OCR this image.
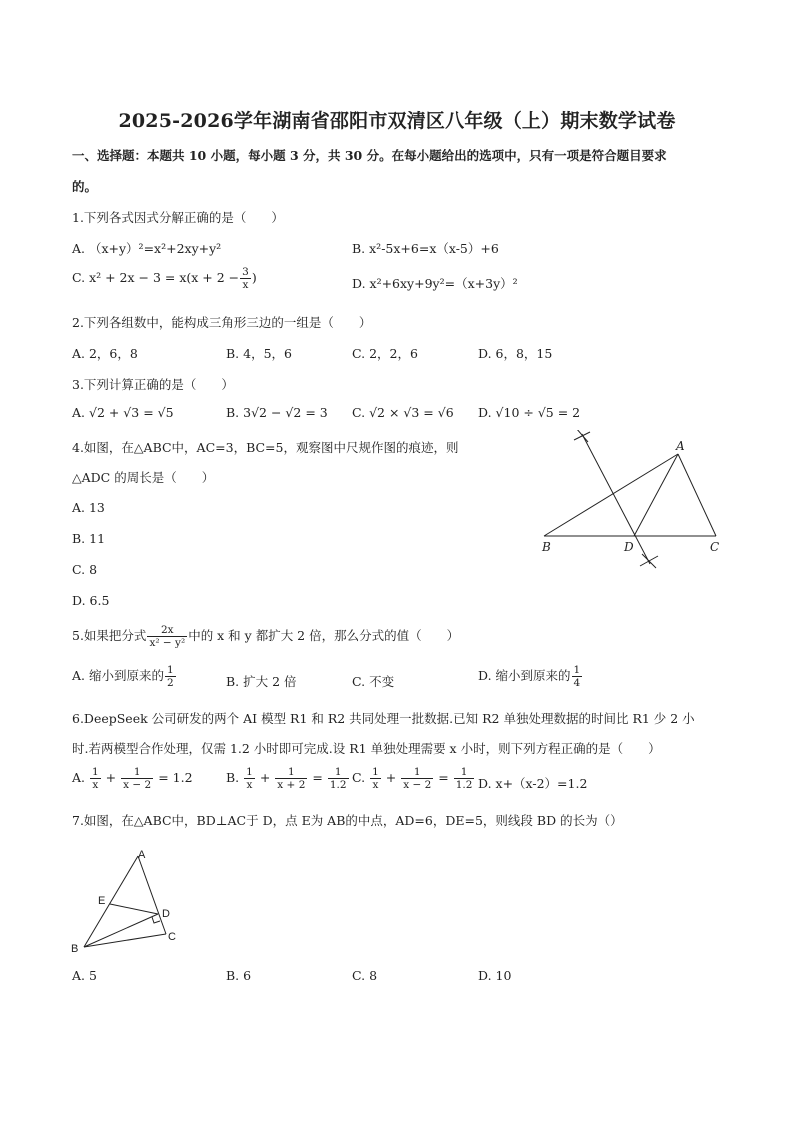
2025-2026学年湖南省邵阳市双清区八年级（上）期末数学试卷
一、选择题：本题共 10 小题，每小题 3 分，共 30 分。在每小题给出的选项中，只有一项是符合题目要求
的。
1.下列各式因式分解正确的是（　　）
A. （x+y）²=x²+2xy+y²	B. x²-5x+6=x（x-5）+6
C. $x^2 + 2x - 3 = x(x + 2 - \frac{3}{x}$ )	D. x²+6xy+9y²=（x+3y）²
2.下列各组数中，能构成三角形三边的一组是（　　）
A. 2，6，8	B. 4，5，6	C. 2，2，6	D. 6，8，15
3.下列计算正确的是（　　）
A. √2 + √3 = √5	B. 3√2 − √2 = 3 C. √2 × √3 = √6 D. √10 ÷ √5 = 2
4.如图，在△ABC中，AC=3，BC=5，观察图中尺规作图的痕迹，则
△ADC 的周长是（　　）
A. 13
B. 11
C. 8
D. 6.5
A
B	D	C
5.如果把分式 $\frac{2x}{\text{x² − y²}}$ 中的 x 和 y 都扩大 2 倍，那么分式的值（　　）
A. 缩小到原来的 $\frac{1}{2}$	B. 扩大 2 倍	C. 不变	D. 缩小到原来的 $\frac{1}{4}$
6.DeepSeek 公司研发的两个 AI 模型 R1 和 R2 共同处理一批数据.已知 R2 单独处理数据的时间比 R1 少 2 小
时.若两模型合作处理，仅需 1.2 小时即可完成.设 R1 单独处理需要 x 小时，则下列方程正确的是（　　）
A. $\frac{1}{x} + \frac{1}{x - 2} = 1.2$	B. $\frac{1}{x} + \frac{1}{x + 2} = \frac{1}{1.2} C$. $\frac{1}{x} + \frac{1}{x - 2} = \frac{1}{1.2} D$. x+（x-2）=1.2
7.如图，在△ABC中，BD⊥AC于 D，点 E为 AB的中点，AD=6，DE=5，则线段 BD 的长为（）
A
E
D
C
B
A. 5	B. 6	C. 8	D. 10
